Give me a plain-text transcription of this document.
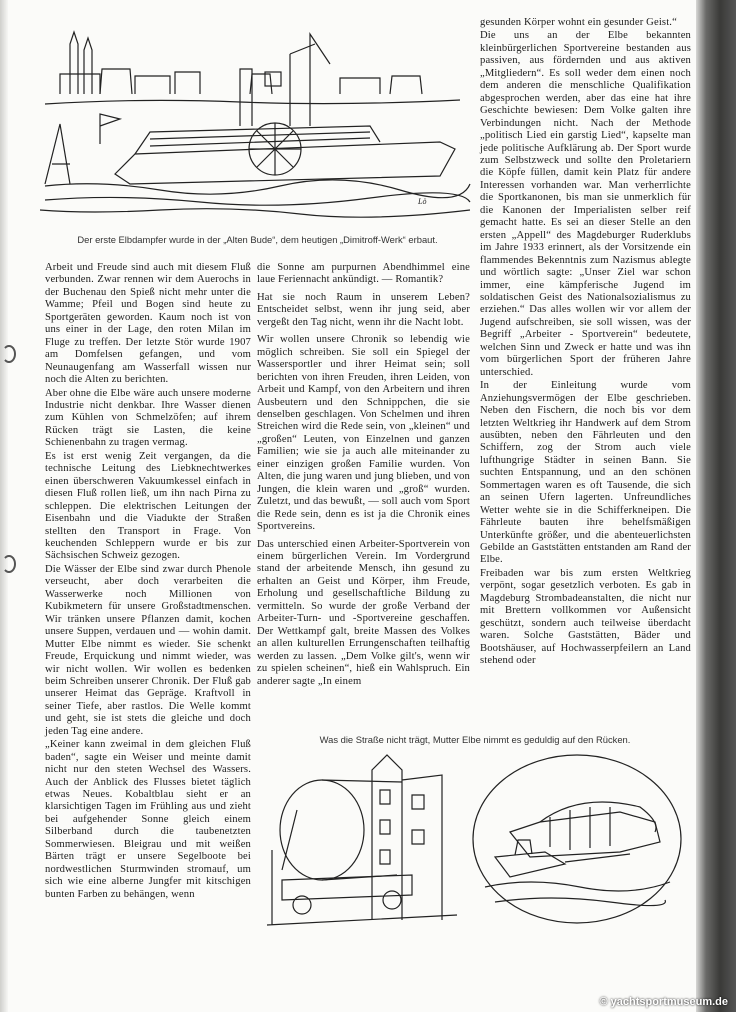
Lö
Der erste Elbdampfer wurde in der „Alten Bude“, dem heutigen „Dimitroff-Werk“ erbaut.

Arbeit und Freude sind auch mit diesem Fluß verbunden. Zwar rennen wir dem Auerochs in der Buchenau den Spieß nicht mehr unter die Wamme; Pfeil und Bogen sind heute zu Sportgeräten geworden. Kaum noch ist von uns einer in der Lage, den roten Milan im Fluge zu treffen. Der letzte Stör wurde 1907 am Domfelsen gefangen, und vom Neunaugenfang am Wasserfall wissen nur noch die Alten zu berichten.

Aber ohne die Elbe wäre auch unsere moderne Industrie nicht denkbar. Ihre Wasser dienen zum Kühlen von Schmelzöfen; auf ihrem Rücken trägt sie Lasten, die keine Schienenbahn zu tragen vermag.

Es ist erst wenig Zeit vergangen, da die technische Leitung des Liebknechtwerkes einen überschweren Vakuumkessel einfach in diesen Fluß rollen ließ, um ihn nach Pirna zu schleppen. Die elektrischen Leitungen der Eisenbahn und die Viadukte der Straßen stellten den Transport in Frage. Von keuchenden Schleppern wurde er bis zur Sächsischen Schweiz gezogen.

Die Wässer der Elbe sind zwar durch Phenole verseucht, aber doch verarbeiten die Wasserwerke noch Millionen von Kubikmetern für unsere Großstadtmenschen. Wir tränken unsere Pflanzen damit, kochen unsere Suppen, verdauen und — wohin damit. Mutter Elbe nimmt es wieder. Sie schenkt Freude, Erquickung und nimmt wieder, was wir nicht wollen. Wir wollen es bedenken beim Schreiben unserer Chronik. Der Fluß gab unserer Heimat das Gepräge. Kraftvoll in seiner Tiefe, aber rastlos. Die Welle kommt und geht, sie ist stets die gleiche und doch jeden Tag eine andere.

„Keiner kann zweimal in dem gleichen Fluß baden“, sagte ein Weiser und meinte damit nicht nur den steten Wechsel des Wassers. Auch der Anblick des Flusses bietet täglich etwas Neues. Kobaltblau sieht er an klarsichtigen Tagen im Frühling aus und zieht bei aufgehender Sonne gleich einem Silberband durch die taubenetzten Sommerwiesen. Bleigrau und mit weißen Bärten trägt er unsere Segelboote bei nordwestlichen Sturmwinden stromauf, um sich wie eine alberne Jungfer mit kitschigen bunten Farben zu behängen, wenn

die Sonne am purpurnen Abendhimmel eine laue Feriennacht ankündigt. — Romantik?

Hat sie noch Raum in unserem Leben? Entscheidet selbst, wenn ihr jung seid, aber vergeßt den Tag nicht, wenn ihr die Nacht lobt.

Wir wollen unsere Chronik so lebendig wie möglich schreiben. Sie soll ein Spiegel der Wassersportler und ihrer Heimat sein; soll berichten von ihren Freuden, ihren Leiden, von Arbeit und Kampf, von den Arbeitern und ihren Ausbeutern und den Schnippchen, die sie denselben geschlagen. Von Schelmen und ihren Streichen wird die Rede sein, von „kleinen“ und „großen“ Leuten, von Einzelnen und ganzen Familien; wie sie ja auch alle miteinander zu einer einzigen großen Familie wurden. Von Alten, die jung waren und jung blieben, und von Jungen, die klein waren und „groß“ wurden. Zuletzt, und das bewußt, — soll auch vom Sport die Rede sein, denn es ist ja die Chronik eines Sportvereins.

Das unterschied einen Arbeiter-Sportverein von einem bürgerlichen Verein. Im Vordergrund stand der arbeitende Mensch, ihn gesund zu erhalten an Geist und Körper, ihm Freude, Erholung und gesellschaftliche Bildung zu vermitteln. So wurde der große Verband der Arbeiter-Turn- und -Sportvereine geschaffen. Der Wettkampf galt, breite Massen des Volkes an allen kulturellen Errungenschaften teilhaftig werden zu lassen. „Dem Volke gilt's, wenn wir zu spielen scheinen“, hieß ein Wahlspruch. Ein anderer sagte „In einem

gesunden Körper wohnt ein gesunder Geist.“

Die uns an der Elbe bekannten kleinbürgerlichen Sportvereine bestanden aus passiven, aus fördernden und aus aktiven „Mitgliedern“. Es soll weder dem einen noch dem anderen die menschliche Qualifikation abgesprochen werden, aber das eine hat ihre Geschichte bewiesen: Dem Volke galten ihre Verbindungen nicht. Nach der Methode „politisch Lied ein garstig Lied“, kapselte man jede politische Aufklärung ab. Der Sport wurde zum Selbstzweck und sollte den Proletariern die Köpfe füllen, damit kein Platz für andere Interessen vorhanden war. Man verherrlichte die Sportkanonen, bis man sie unmerklich für die Kanonen der Imperialisten selber reif gemacht hatte. Es sei an dieser Stelle an den ersten „Appell“ des Magdeburger Ruderklubs im Jahre 1933 erinnert, als der Vorsitzende ein flammendes Bekenntnis zum Nazismus ablegte und wörtlich sagte: „Unser Ziel war schon immer, eine kämpferische Jugend im soldatischen Geist des Nationalsozialismus zu erziehen.“ Das alles wollen wir vor allem der Jugend aufschreiben, sie soll wissen, was der Begriff „Arbeiter - Sportverein“ bedeutete, welchen Sinn und Zweck er hatte und was ihn vom bürgerlichen Sport der früheren Jahre unterschied.

In der Einleitung wurde vom Anziehungsvermögen der Elbe geschrieben. Neben den Fischern, die noch bis vor dem letzten Weltkrieg ihr Handwerk auf dem Strom ausübten, neben den Fährleuten und den Schiffern, zog der Strom auch viele lufthungrige Städter in seinen Bann. Sie suchten Entspannung, und an den schönen Sommertagen waren es oft Tausende, die sich an seinen Ufern lagerten. Unfreundliches Wetter wehte sie in die Schifferkneipen. Die Fährleute bauten ihre behelfsmäßigen Unterkünfte größer, und die abenteuerlichsten Gebilde an Gaststätten entstanden am Rand der Elbe.

Freibaden war bis zum ersten Weltkrieg verpönt, sogar gesetzlich verboten. Es gab in Magdeburg Strombadeanstalten, die nicht nur mit Brettern vollkommen vor Außensicht geschützt, sondern auch teilweise überdacht waren. Solche Gaststätten, Bäder und Bootshäuser, auf Hochwasserpfeilern an Land stehend oder

Was die Straße nicht trägt, Mutter Elbe nimmt es geduldig auf den Rücken.
© yachtsportmuseum.de
